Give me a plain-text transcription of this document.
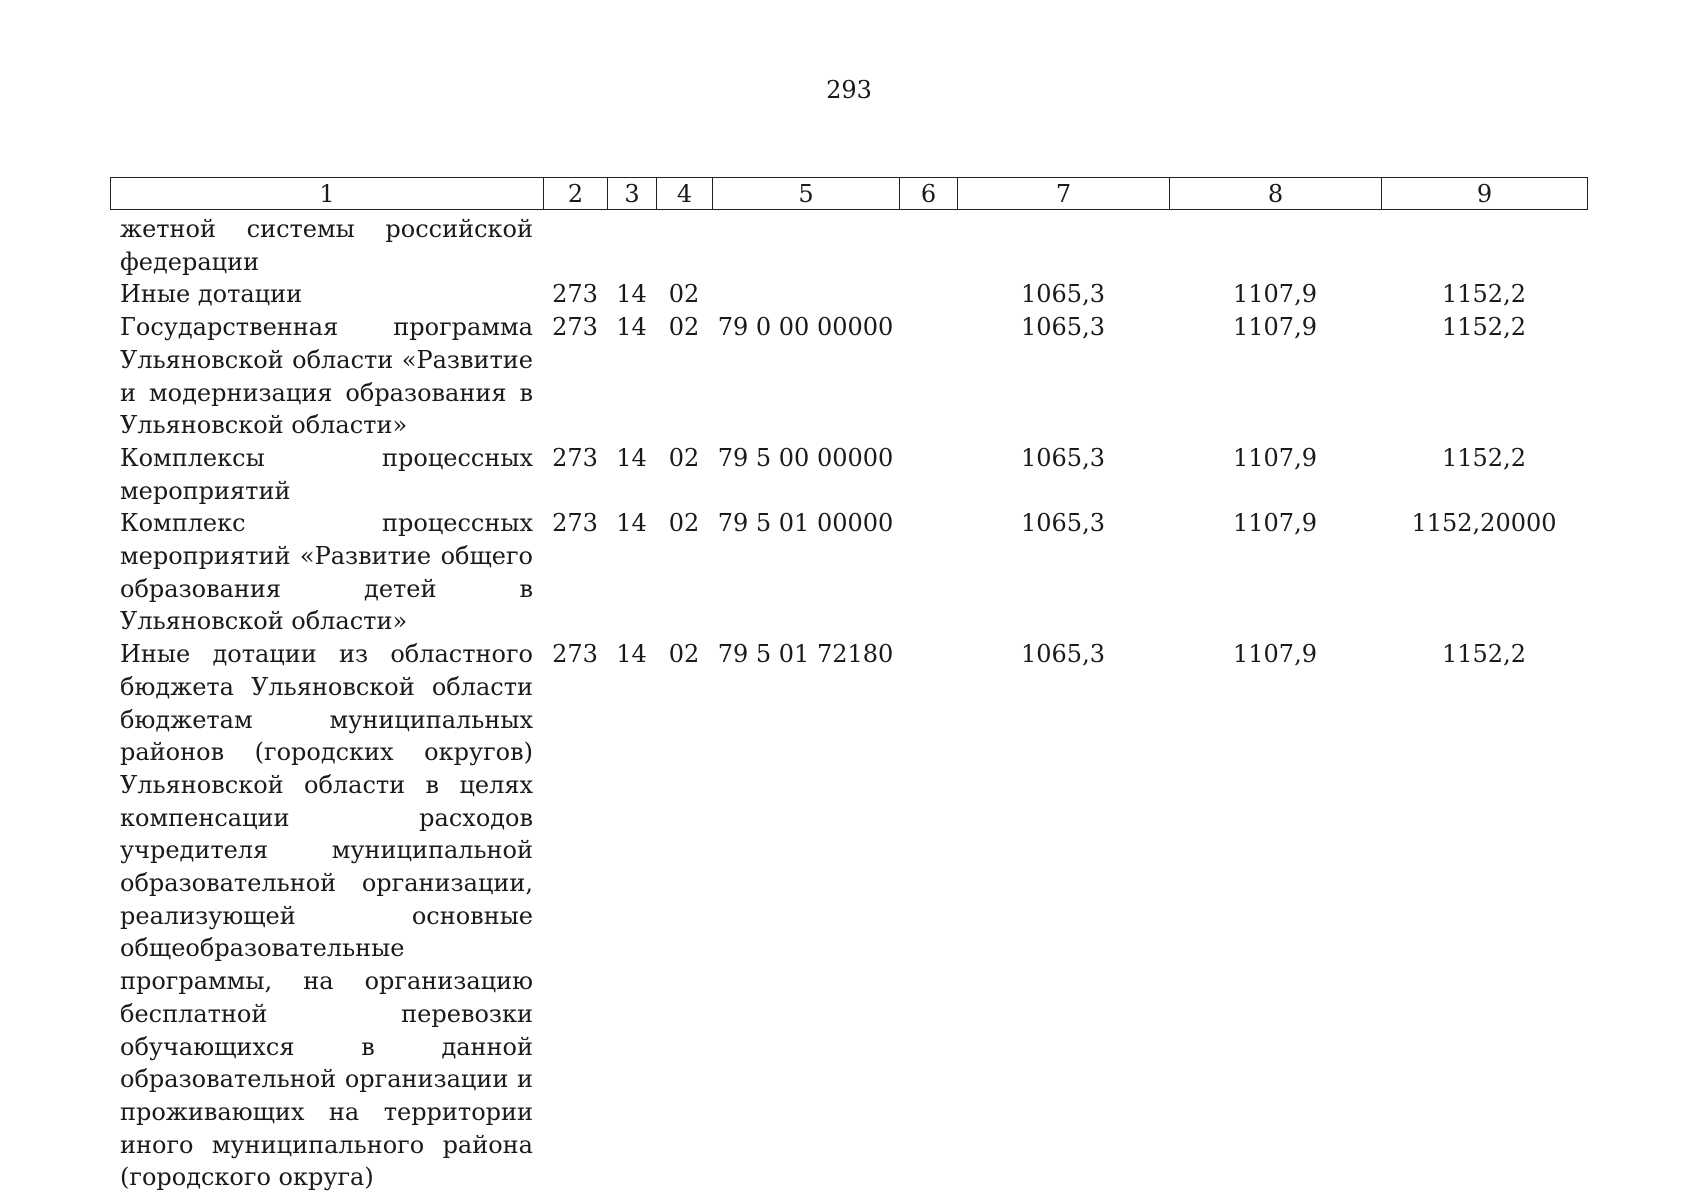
293
1	2	3	4	5	6	7	8	9
жетной системы российской федерации								
Иные дотации	273	14	02			1065,3	1107,9	1152,2
Государственная программа Ульяновской области «Развитие и модернизация образования в Ульяновской области»	273	14	02	79 0 00 00000		1065,3	1107,9	1152,2
Комплексы процессных мероприятий	273	14	02	79 5 00 00000		1065,3	1107,9	1152,2
Комплекс процессных мероприятий «Развитие общего образования детей в Ульяновской области»	273	14	02	79 5 01 00000		1065,3	1107,9	1152,20000
Иные дотации из областного бюджета Ульяновской области бюджетам муниципальных районов (городских округов) Ульяновской области в целях компенсации расходов учредителя муниципальной образовательной организации, реализующей основные общеобразовательные программы, на организацию бесплатной перевозки обучающихся в данной образовательной организации и проживающих на территории иного муниципального района (городского округа)	273	14	02	79 5 01 72180		1065,3	1107,9	1152,2
